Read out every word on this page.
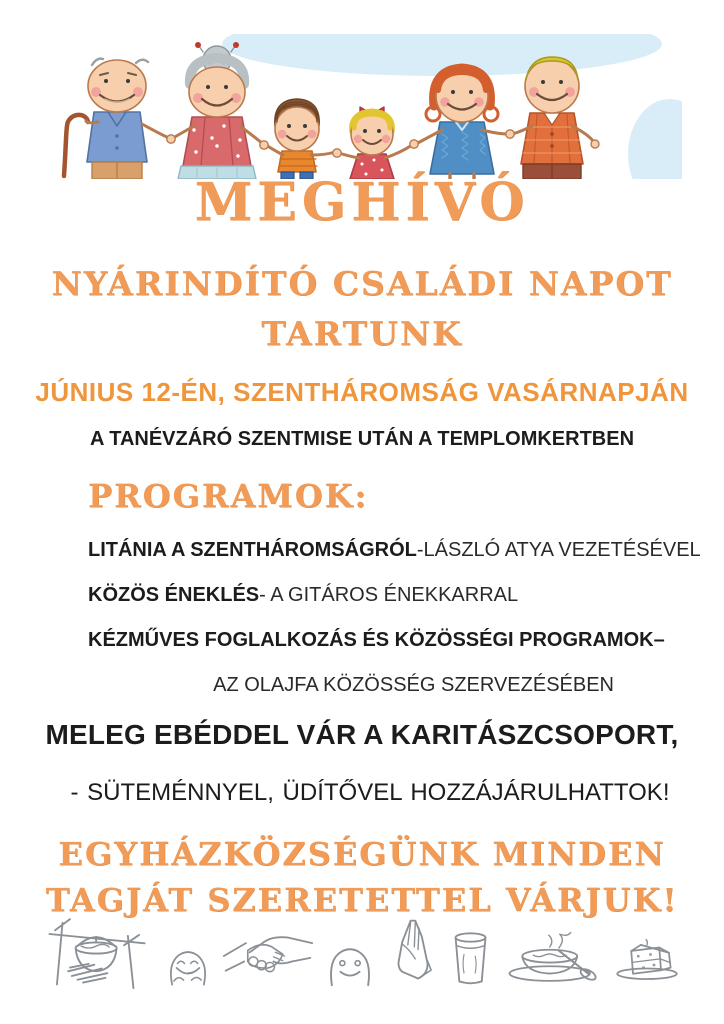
MEGHÍVÓ
NYÁRINDÍTÓ CSALÁDI NAPOT
TARTUNK
JÚNIUS 12-ÉN, SZENTHÁROMSÁG VASÁRNAPJÁN
A TANÉVZÁRÓ SZENTMISE UTÁN A TEMPLOMKERTBEN
PROGRAMOK:
LITÁNIA A SZENTHÁROMSÁGRÓL-LÁSZLÓ ATYA VEZETÉSÉVEL
KÖZÖS ÉNEKLÉS- A GITÁROS ÉNEKKARRAL
KÉZMŰVES FOGLALKOZÁS ÉS KÖZÖSSÉGI PROGRAMOK–
AZ OLAJFA KÖZÖSSÉG SZERVEZÉSÉBEN
MELEG EBÉDDEL VÁR A KARITÁSZCSOPORT,
- SÜTEMÉNNYEL, ÜDÍTŐVEL HOZZÁJÁRULHATTOK!
EGYHÁZKÖZSÉGÜNK MINDEN
TAGJÁT SZERETETTEL VÁRJUK!
